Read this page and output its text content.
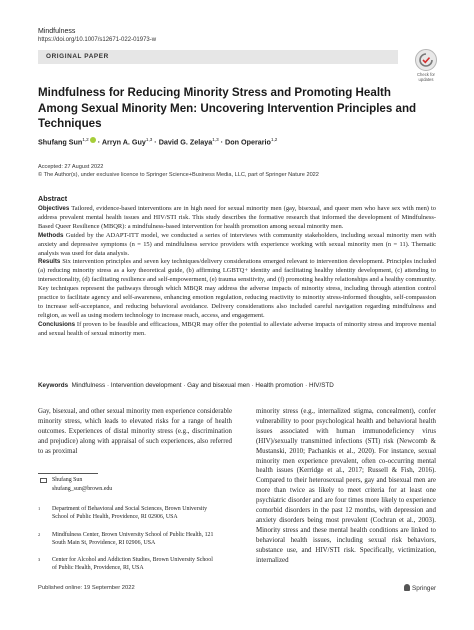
Mindfulness
https://doi.org/10.1007/s12671-022-01973-w
ORIGINAL PAPER
Check for updates
Mindfulness for Reducing Minority Stress and Promoting Health Among Sexual Minority Men: Uncovering Intervention Principles and Techniques
Shufang Sun$^{1,2}$ · Arryn A. Guy$^{1,3}$ · David G. Zelaya$^{1,3}$ · Don Operario$^{1,2}$
Accepted: 27 August 2022
© The Author(s), under exclusive licence to Springer Science+Business Media, LLC, part of Springer Nature 2022
Abstract

Objectives Tailored, evidence-based interventions are in high need for sexual minority men (gay, bisexual, and queer men who have sex with men) to address prevalent mental health issues and HIV/STI risk. This study describes the formative research that informed the development of Mindfulness-Based Queer Resilience (MBQR): a mindfulness-based intervention for health promotion among sexual minority men.

Methods Guided by the ADAPT-ITT model, we conducted a series of interviews with community stakeholders, including sexual minority men with anxiety and depressive symptoms (n = 15) and mindfulness service providers with experience working with sexual minority men (n = 11). Thematic analysis was used for data analysis.

Results Six intervention principles and seven key techniques/delivery considerations emerged relevant to intervention development. Principles included (a) reducing minority stress as a key theoretical guide, (b) affirming LGBTQ+ identity and facilitating healthy identity development, (c) attending to intersectionality, (d) facilitating resilience and self-empowerment, (e) trauma sensitivity, and (f) promoting healthy relationships and a healthy community. Key techniques represent the pathways through which MBQR may address the adverse impacts of minority stress, including through attention control practice to facilitate agency and self-awareness, enhancing emotion regulation, reducing reactivity to minority stress-informed thoughts, self-compassion to increase self-acceptance, and reducing behavioral avoidance. Delivery considerations also included careful navigation regarding mindfulness and religion, as well as using modern technology to increase reach, access, and engagement.

Conclusions If proven to be feasible and efficacious, MBQR may offer the potential to alleviate adverse impacts of minority stress and improve mental and sexual health of sexual minority men.

Keywords Mindfulness · Intervention development · Gay and bisexual men · Health promotion · HIV/STD
Gay, bisexual, and other sexual minority men experience considerable minority stress, which leads to elevated risks for a range of health outcomes. Experiences of distal minority stress (e.g., discrimination and prejudice) along with appraisal of such experiences, also referred to as proximal
minority stress (e.g., internalized stigma, concealment), confer vulnerability to poor psychological health and behavioral health issues associated with human immunodeficiency virus (HIV)/sexually transmitted infections (STI) risk (Newcomb & Mustanski, 2010; Pachankis et al., 2020). For instance, sexual minority men experience prevalent, often co-occurring mental health issues (Kerridge et al., 2017; Russell & Fish, 2016). Compared to their heterosexual peers, gay and bisexual men are more than twice as likely to meet criteria for at least one psychiatric disorder and are four times more likely to experience comorbid disorders in the past 12 months, with depression and anxiety disorders being most prevalent (Cochran et al., 2003). Minority stress and these mental health conditions are linked to behavioral health issues, including sexual risk behaviors, substance use, and HIV/STI risk. Specifically, victimization, internalized
Shufang Sun
shufang_sun@brown.edu
1	Department of Behavioral and Social Sciences, Brown University School of Public Health, Providence, RI 02906, USA
2	Mindfulness Center, Brown University School of Public Health, 121 South Main St, Providence, RI 02906, USA
3	Center for Alcohol and Addiction Studies, Brown University School of Public Health, Providence, RI, USA
Published online: 19 September 2022	Springer
